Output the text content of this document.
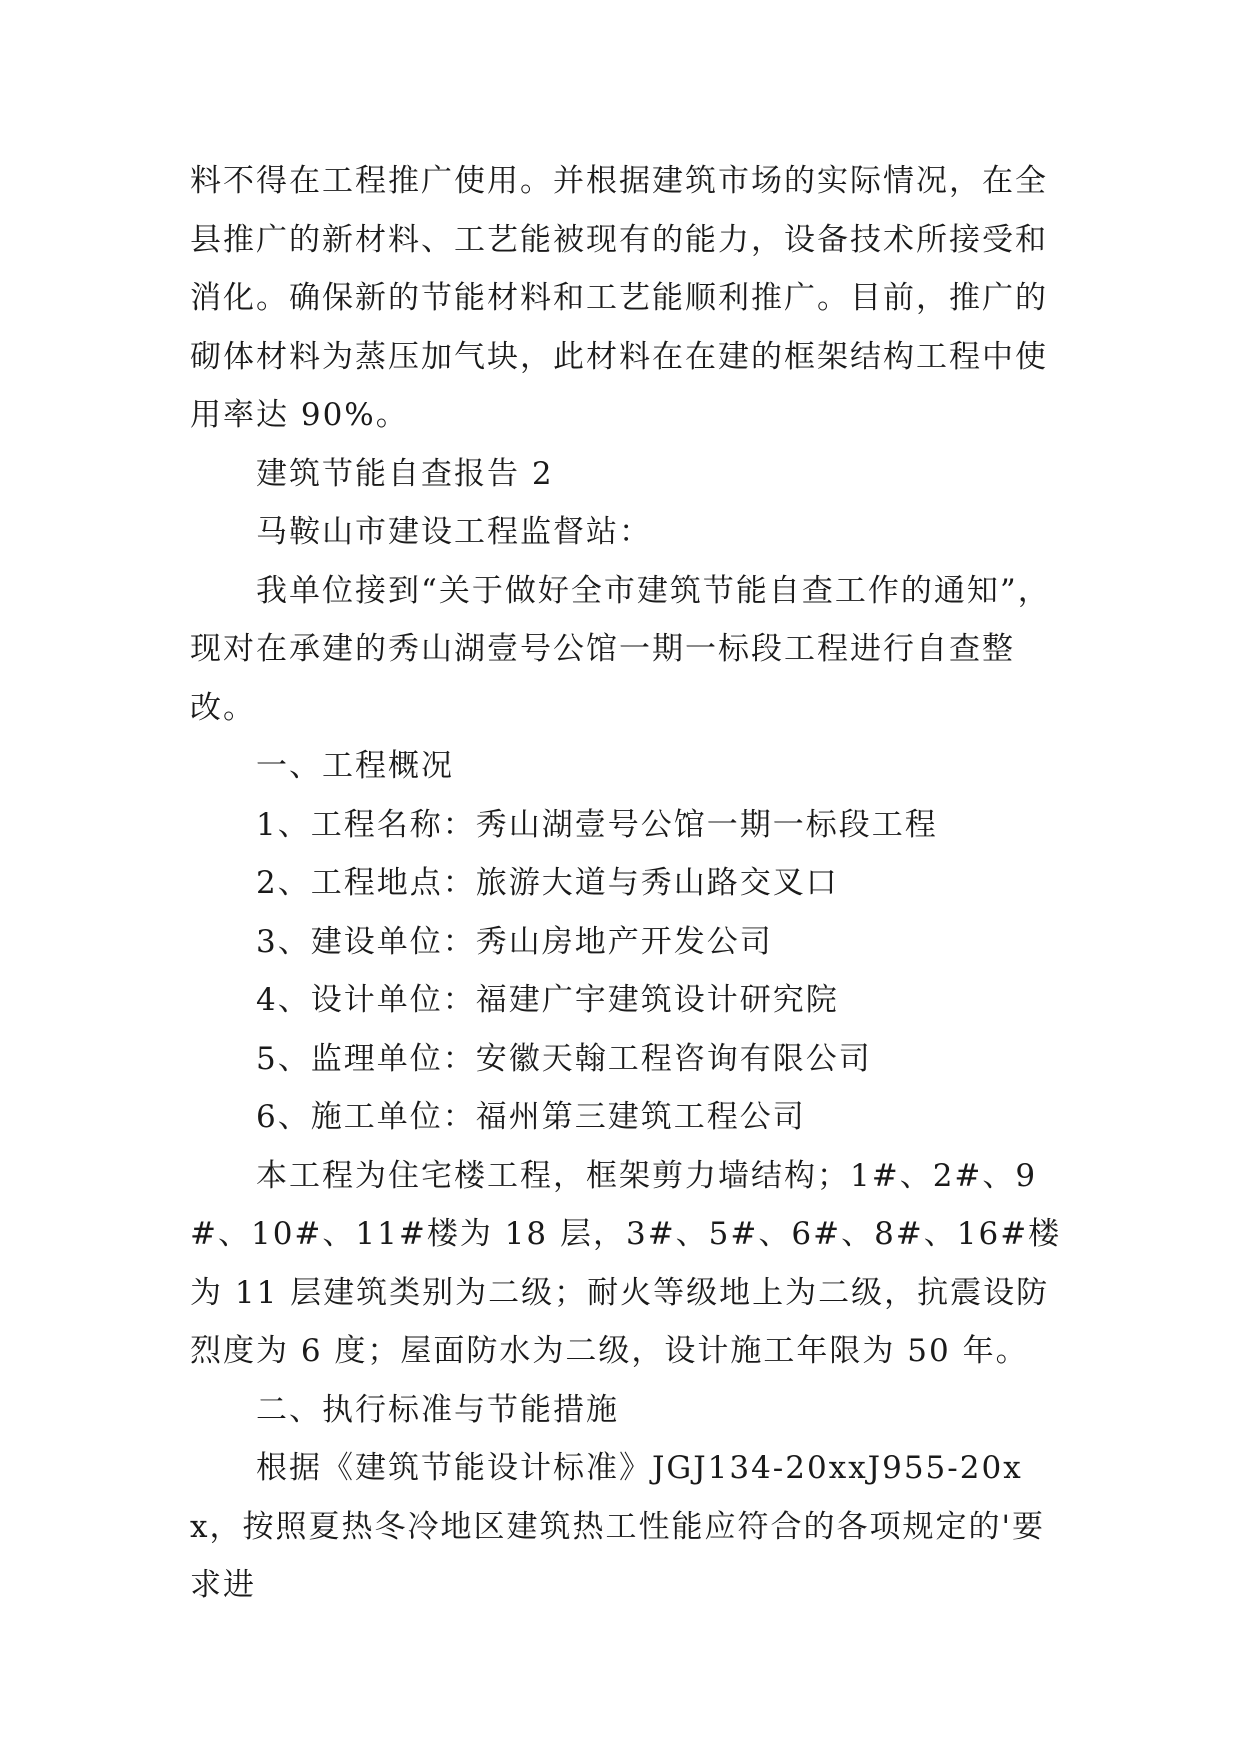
料不得在工程推广使用。并根据建筑市场的实际情况，在全县推广的新材料、工艺能被现有的能力，设备技术所接受和消化。确保新的节能材料和工艺能顺利推广。目前，推广的砌体材料为蒸压加气块，此材料在在建的框架结构工程中使用率达 90%。

建筑节能自查报告 2

马鞍山市建设工程监督站：

我单位接到“关于做好全市建筑节能自查工作的通知”，现对在承建的秀山湖壹号公馆一期一标段工程进行自查整改。

一、工程概况

1、工程名称：秀山湖壹号公馆一期一标段工程

2、工程地点：旅游大道与秀山路交叉口

3、建设单位：秀山房地产开发公司

4、设计单位：福建广宇建筑设计研究院

5、监理单位：安徽天翰工程咨询有限公司

6、施工单位：福州第三建筑工程公司

本工程为住宅楼工程，框架剪力墙结构；1#、2#、9#、10#、11#楼为 18 层，3#、5#、6#、8#、16#楼为 11 层建筑类别为二级；耐火等级地上为二级，抗震设防烈度为 6 度；屋面防水为二级，设计施工年限为 50 年。

二、执行标准与节能措施

根据《建筑节能设计标准》JGJ134-20xxJ955-20xx，按照夏热冬冷地区建筑热工性能应符合的各项规定的'要求进
